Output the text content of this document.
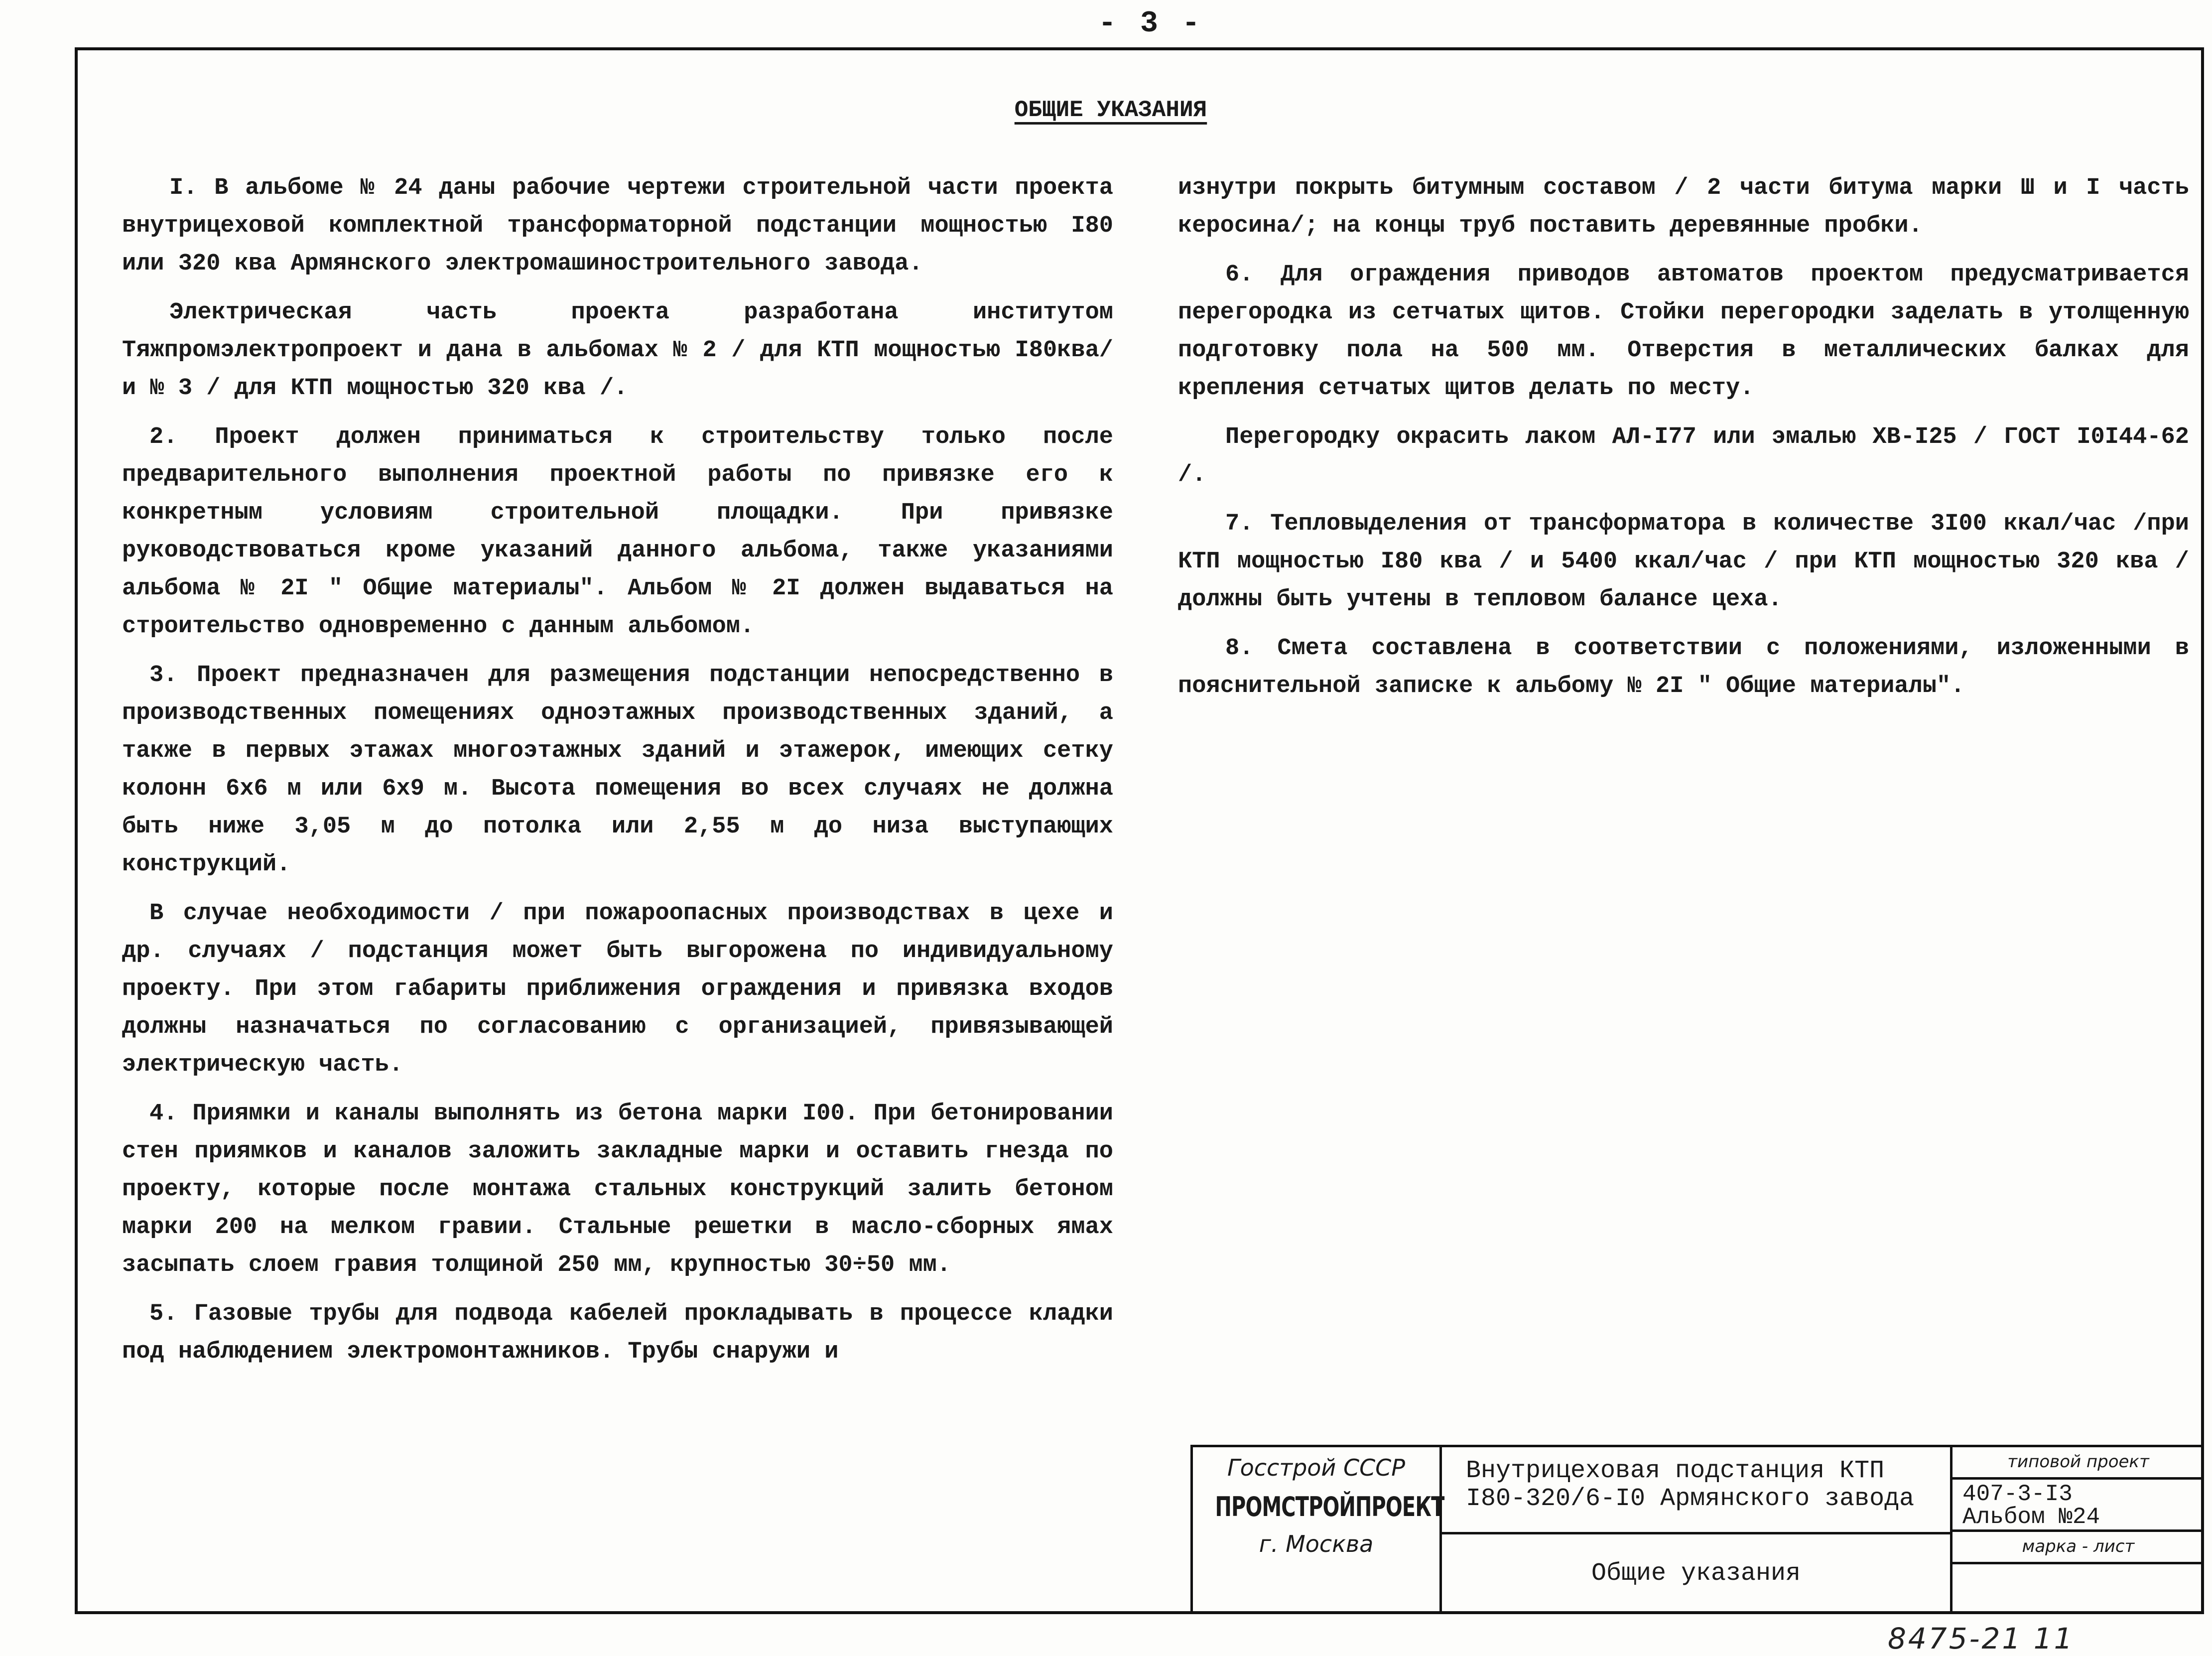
- 3 -
ОБЩИЕ УКАЗАНИЯ

I. В альбоме № 24 даны рабочие чертежи строительной части проекта внутрицеховой комплектной трансформаторной подстанции мощностью I80 или 320 ква Армянского электромашиностроительного завода.

Электрическая часть проекта разработана институтом Тяжпромэлектропроект и дана в альбомах № 2 / для КТП мощностью I80ква/ и № 3 / для КТП мощностью 320 ква /.

2. Проект должен приниматься к строительству только после предварительного выполнения проектной работы по привязке его к конкретным условиям строительной площадки. При привязке руководствоваться кроме указаний данного альбома, также указаниями альбома № 2I " Общие материалы". Альбом № 2I должен выдаваться на строительство одновременно с данным альбомом.

3. Проект предназначен для размещения подстанции непосредственно в производственных помещениях одноэтажных производственных зданий, а также в первых этажах многоэтажных зданий и этажерок, имеющих сетку колонн 6х6 м или 6х9 м. Высота помещения во всех случаях не должна быть ниже 3,05 м до потолка или 2,55 м до низа выступающих конструкций.

В случае необходимости / при пожароопасных производствах в цехе и др. случаях / подстанция может быть выгорожена по индивидуальному проекту. При этом габариты приближения ограждения и привязка входов должны назначаться по согласованию с организацией, привязывающей электрическую часть.

4. Приямки и каналы выполнять из бетона марки I00. При бетонировании стен приямков и каналов заложить закладные марки и оставить гнезда по проекту, которые после монтажа стальных конструкций залить бетоном марки 200 на мелком гравии. Стальные решетки в масло-сборных ямах засыпать слоем гравия толщиной 250 мм, крупностью 30÷50 мм.

5. Газовые трубы для подвода кабелей прокладывать в процессе кладки под наблюдением электромонтажников. Трубы снаружи и

изнутри покрыть битумным составом / 2 части битума марки Ш и I часть керосина/; на концы труб поставить деревянные пробки.

6. Для ограждения приводов автоматов проектом предусматривается перегородка из сетчатых щитов. Стойки перегородки заделать в утолщенную подготовку пола на 500 мм. Отверстия в металлических балках для крепления сетчатых щитов делать по месту.

Перегородку окрасить лаком АЛ-I77 или эмалью ХВ-I25 / ГОСТ I0I44-62 /.

7. Тепловыделения от трансформатора в количестве 3I00 ккал/час /при КТП мощностью I80 ква / и 5400 ккал/час / при КТП мощностью 320 ква / должны быть учтены в тепловом балансе цеха.

8. Смета составлена в соответствии с положениями, изложенными в пояснительной записке к альбому № 2I " Общие материалы".

Госстрой СССР
ПРОМСТРОЙПРОЕКТ
г. Москва
Внутрицеховая подстанция КТП
I80-320/6-I0 Армянского завода
Общие указания
типовой проект
407-3-I3
Альбом №24
марка - лист
8475-21 11
